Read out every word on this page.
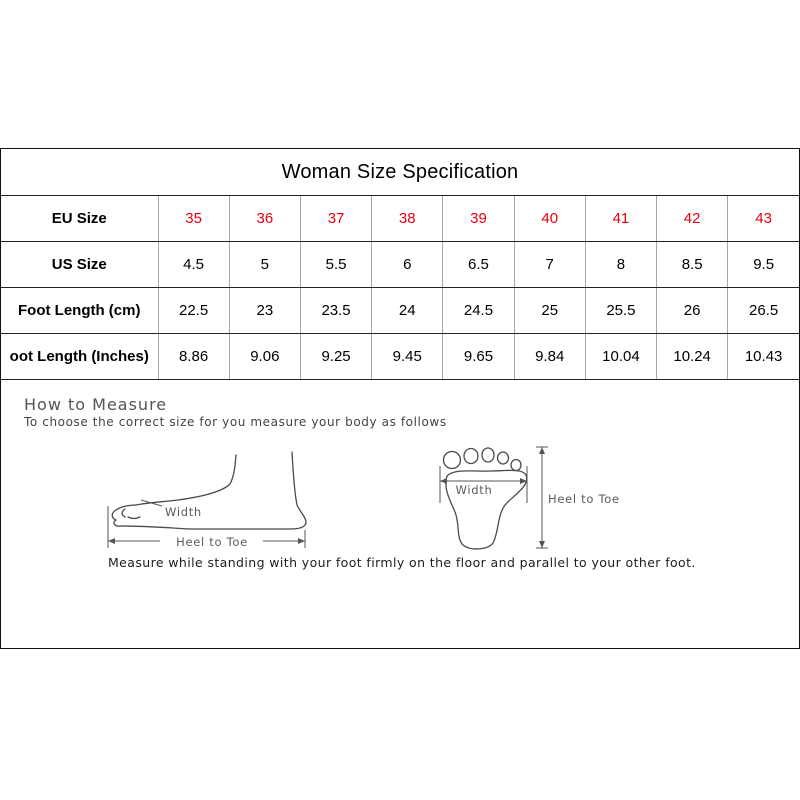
Woman Size Specification
EU Size	35	36	37	38	39	40	41	42	43
US Size	4.5	5	5.5	6	6.5	7	8	8.5	9.5
Foot Length (cm)	22.5	23	23.5	24	24.5	25	25.5	26	26.5
oot Length (Inches)	8.86	9.06	9.25	9.45	9.65	9.84	10.04	10.24	10.43
How to Measure
To choose the correct size for you measure your body as follows
Width
Heel to Toe
Width
Heel to Toe
Measure while standing with your foot firmly on the floor and parallel to your other foot.
